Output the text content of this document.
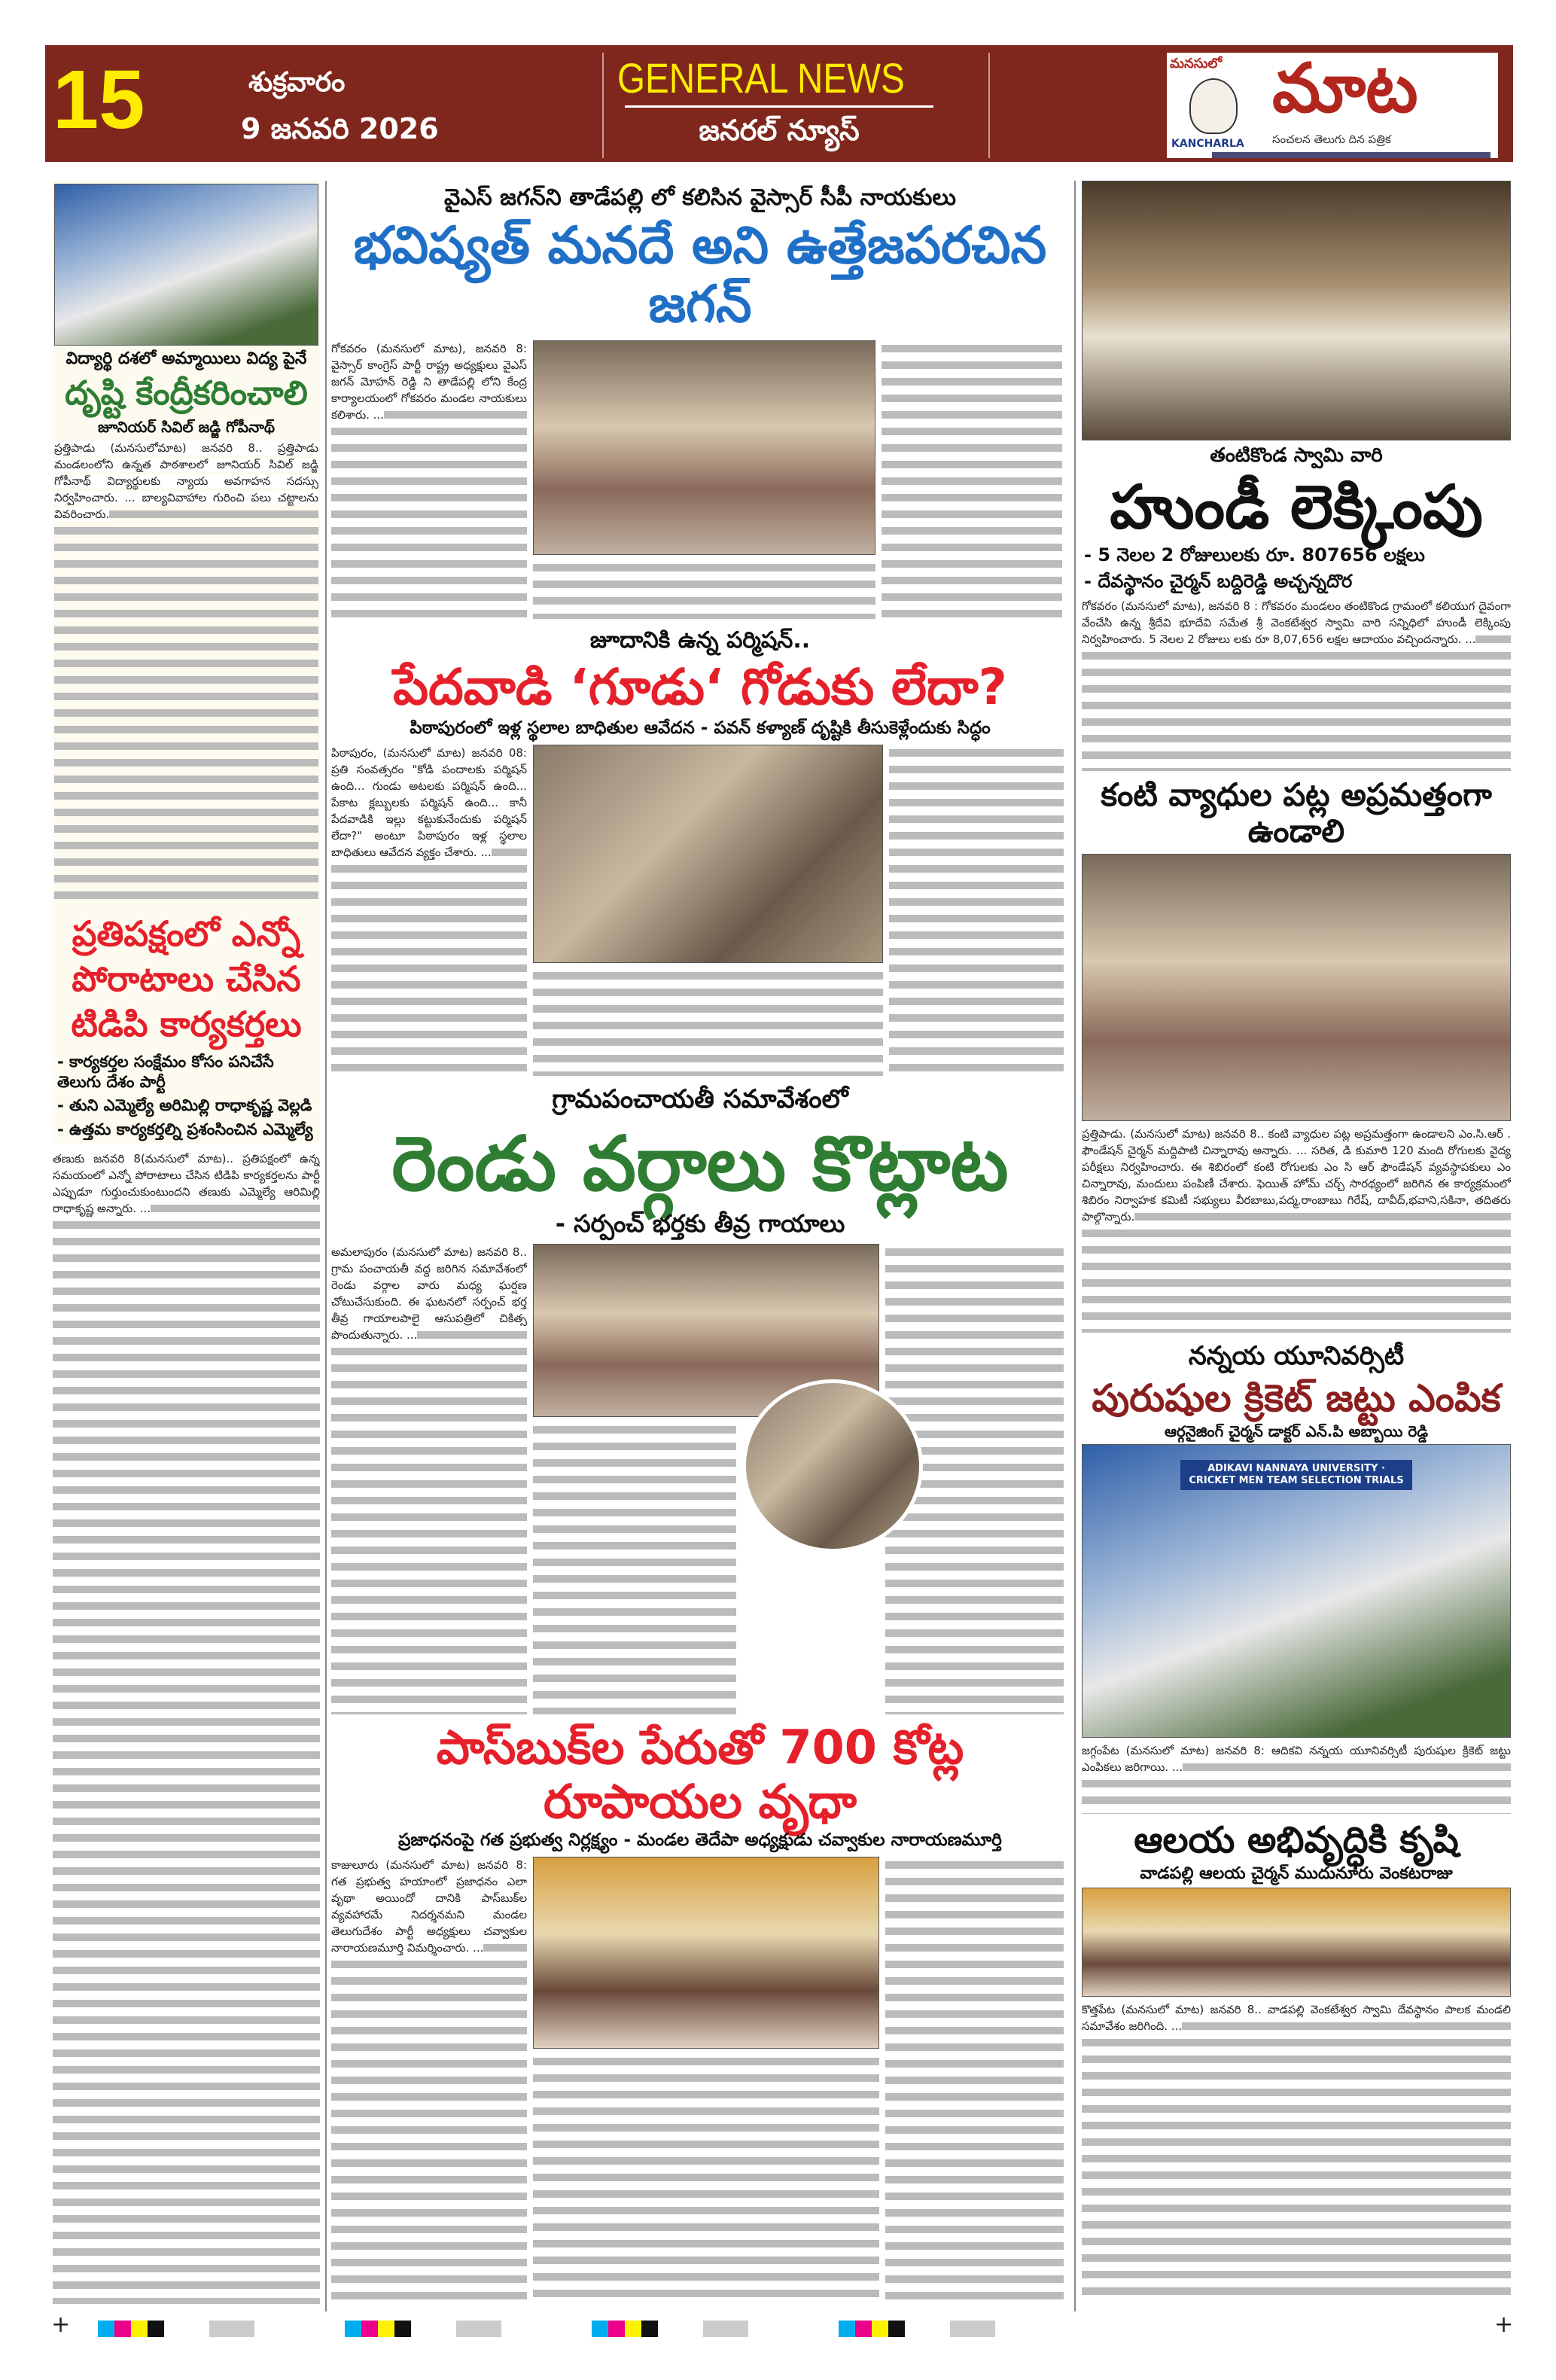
15	శుక్రవారం
9 జనవరి 2026
GENERAL NEWS
జనరల్ న్యూస్
మనసులో మాట
KANCHARLA	సంచలన తెలుగు దిన పత్రిక
విద్యార్థి దశలో అమ్మాయిలు విద్య పైనే
దృష్టి కేంద్రీకరించాలి
జూనియర్ సివిల్ జడ్జి గోపీనాథ్
ప్రత్తిపాడు (మనసులోమాట) జనవరి 8.. ప్రత్తిపాడు మండలంలోని ఉన్నత పాఠశాలలో జూనియర్ సివిల్ జడ్జి గోపీనాథ్ విద్యార్థులకు న్యాయ అవగాహన సదస్సు నిర్వహించారు. ... బాల్యవివాహాల గురించి పలు చట్టాలను వివరించారు.
ప్రతిపక్షంలో ఎన్నో పోరాటాలు చేసిన టిడిపి కార్యకర్తలు
- కార్యకర్తల సంక్షేమం కోసం పనిచేసే తెలుగు దేశం పార్టీ
- తుని ఎమ్మెల్యే అరిమిల్లి రాధాకృష్ణ వెల్లడి
- ఉత్తమ కార్యకర్తల్ని ప్రశంసించిన ఎమ్మెల్యే
తణుకు జనవరి 8(మనసులో మాట).. ప్రతిపక్షంలో ఉన్న సమయంలో ఎన్నో పోరాటాలు చేసిన టిడిపి కార్యకర్తలను పార్టీ ఎప్పుడూ గుర్తుంచుకుంటుందని తణుకు ఎమ్మెల్యే ఆరిమిల్లి రాధాకృష్ణ అన్నారు. ...
వైఎస్ జగన్‌ని తాడేపల్లి లో కలిసిన వైస్సార్ సీపీ నాయకులు
భవిష్యత్ మనదే అని ఉత్తేజపరచిన జగన్
గోకవరం (మనసులో మాట), జనవరి 8: వైస్సార్ కాంగ్రెస్ పార్టీ రాష్ట్ర అధ్యక్షులు వైఎస్ జగన్ మోహన్ రెడ్డి ని తాడేపల్లి లోని కేంద్ర కార్యాలయంలో గోకవరం మండల నాయకులు కలిశారు. ...
జూదానికి ఉన్న పర్మిషన్..
పేదవాడి ‘గూడు‘ గోడుకు లేదా?
పిఠాపురంలో ఇళ్ల స్థలాల బాధితుల ఆవేదన - పవన్ కళ్యాణ్ దృష్టికి తీసుకెళ్లేందుకు సిద్ధం
పిఠాపురం, (మనసులో మాట) జనవరి 08: ప్రతి సంవత్సరం "కోడి పందాలకు పర్మిషన్ ఉంది... గుండు అటలకు పర్మిషన్ ఉంది... పేకాట క్లబ్బులకు పర్మిషన్ ఉంది... కానీ పేదవాడికి ఇల్లు కట్టుకునేందుకు పర్మిషన్ లేదా?" అంటూ పిఠాపురం ఇళ్ల స్థలాల బాధితులు ఆవేదన వ్యక్తం చేశారు. ...
గ్రామపంచాయతీ సమావేశంలో
రెండు వర్గాలు కొట్లాట
- సర్పంచ్ భర్తకు తీవ్ర గాయాలు
అమలాపురం (మనసులో మాట) జనవరి 8.. గ్రామ పంచాయతీ వద్ద జరిగిన సమావేశంలో రెండు వర్గాల వారు మధ్య ఘర్షణ చోటుచేసుకుంది. ఈ ఘటనలో సర్పంచ్ భర్త తీవ్ర గాయాలపాలై ఆసుపత్రిలో చికిత్స పొందుతున్నారు. ...
పాస్‌బుక్‌ల పేరుతో 700 కోట్ల రూపాయల వృధా
ప్రజాధనంపై గత ప్రభుత్వ నిర్లక్ష్యం - మండల తెదేపా అధ్యక్షుడు చవ్వాకుల నారాయణమూర్తి
కాజులూరు (మనసులో మాట) జనవరి 8: గత ప్రభుత్వ హయాంలో ప్రజాధనం ఎలా వృథా అయిందో దానికి పాస్‌బుక్‌ల వ్యవహారమే నిదర్శనమని మండల తెలుగుదేశం పార్టీ అధ్యక్షులు చవ్వాకుల నారాయణమూర్తి విమర్శించారు. ...
తంటికొండ స్వామి వారి
హుండీ లెక్కింపు
- 5 నెలల 2 రోజులులకు రూ. 807656 లక్షలు
- దేవస్థానం చైర్మన్ బద్దిరెడ్డి అచ్చన్నదొర
గోకవరం (మనసులో మాట), జనవరి 8 : గోకవరం మండలం తంటికొండ గ్రామంలో కలియుగ దైవంగా వేంచేసి ఉన్న శ్రీదేవి భూదేవి సమేత శ్రీ వెంకటేశ్వర స్వామి వారి సన్నిధిలో హుండీ లెక్కింపు నిర్వహించారు. 5 నెలల 2 రోజులు లకు రూ 8,07,656 లక్షల ఆదాయం వచ్చిందన్నారు. ...
కంటి వ్యాధుల పట్ల అప్రమత్తంగా ఉండాలి
ప్రత్తిపాడు. (మనసులో మాట) జనవరి 8.. కంటి వ్యాధుల పట్ల అప్రమత్తంగా ఉండాలని ఎం.సి.ఆర్ . ఫౌండేషన్ చైర్మన్ మద్దిపాటి చిన్నారావు అన్నారు. ... సరిత, డి కుమారి 120 మంది రోగులకు వైద్య పరీక్షలు నిర్వహించారు. ఈ శిబిరంలో కంటి రోగులకు ఎం సి ఆర్ ఫౌండేషన్ వ్యవస్థాపకులు ఎం చిన్నారావు, మందులు పంపిణీ చేశారు. ఫెయిత్ హోమ్ చర్చ్ సారథ్యంలో జరిగిన ఈ కార్యక్రమంలో శిబిరం నిర్వాహక కమిటీ సభ్యులు వీరబాబు,పద్మ,రాంబాబు గిరేష్, దావీద్,భవాని,సకినా, తదితరు పాల్గొన్నారు.
నన్నయ యూనివర్సిటీ
పురుషుల క్రికెట్ జట్టు ఎంపిక
ఆర్గనైజింగ్ చైర్మన్ డాక్టర్ ఎన్.పి అబ్బాయి రెడ్డి
ADIKAVI NANNAYA UNIVERSITY · CRICKET MEN TEAM SELECTION TRIALS
జగ్గంపేట (మనసులో మాట) జనవరి 8: ఆదికవి నన్నయ యూనివర్సిటీ పురుషుల క్రికెట్ జట్టు ఎంపికలు జరిగాయి. ...
ఆలయ అభివృద్ధికి కృషి
వాడపల్లి ఆలయ చైర్మన్ ముదునూరు వెంకటరాజు
కొత్తపేట (మనసులో మాట) జనవరి 8.. వాడపల్లి వెంకటేశ్వర స్వామి దేవస్థానం పాలక మండలి సమావేశం జరిగింది. ...
+	+
